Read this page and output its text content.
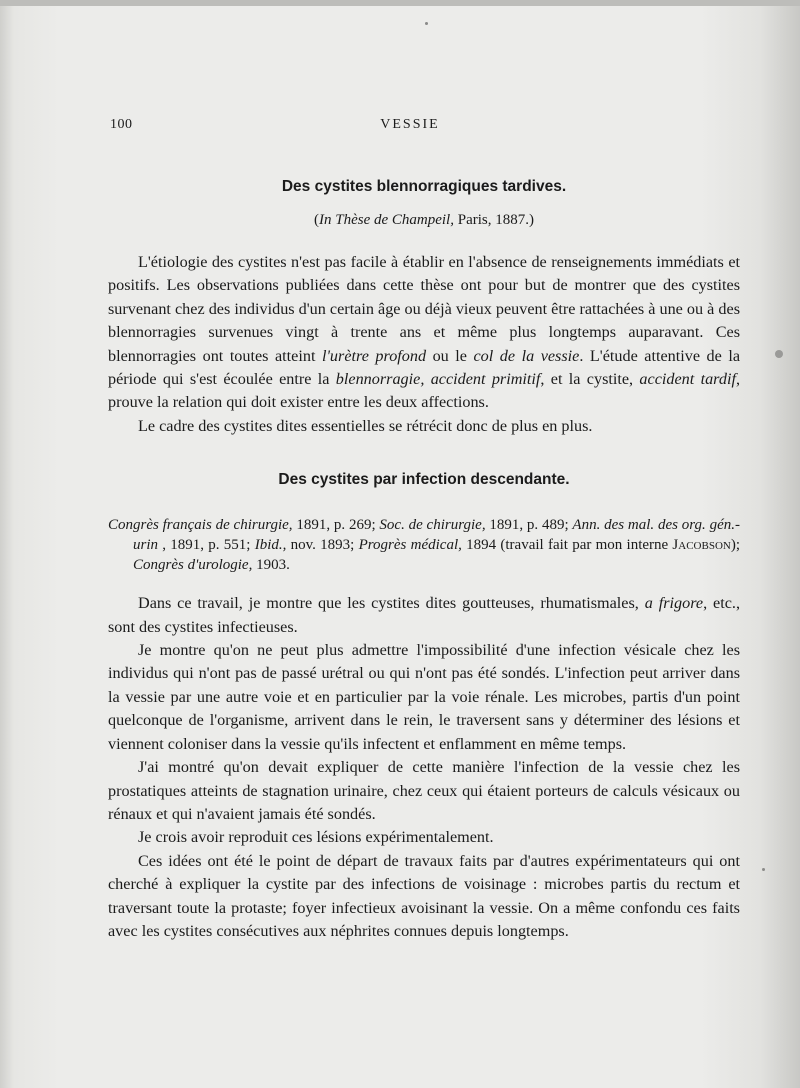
100	VESSIE
Des cystites blennorragiques tardives.

(In Thèse de Champeil, Paris, 1887.)

L'étiologie des cystites n'est pas facile à établir en l'absence de renseignements immédiats et positifs. Les observations publiées dans cette thèse ont pour but de montrer que des cystites survenant chez des individus d'un certain âge ou déjà vieux peuvent être rattachées à une ou à des blennorragies survenues vingt à trente ans et même plus longtemps auparavant. Ces blennorragies ont toutes atteint l'urètre profond ou le col de la vessie. L'étude attentive de la période qui s'est écoulée entre la blennorragie, accident primitif, et la cystite, accident tardif, prouve la relation qui doit exister entre les deux affections.

Le cadre des cystites dites essentielles se rétrécit donc de plus en plus.

Des cystites par infection descendante.

Congrès français de chirurgie, 1891, p. 269; Soc. de chirurgie, 1891, p. 489; Ann. des mal. des org. gén.-urin , 1891, p. 551; Ibid., nov. 1893; Progrès médical, 1894 (travail fait par mon interne Jacobson); Congrès d'urologie, 1903.

Dans ce travail, je montre que les cystites dites goutteuses, rhumatismales, a frigore, etc., sont des cystites infectieuses.

Je montre qu'on ne peut plus admettre l'impossibilité d'une infection vésicale chez les individus qui n'ont pas de passé urétral ou qui n'ont pas été sondés. L'infection peut arriver dans la vessie par une autre voie et en particulier par la voie rénale. Les microbes, partis d'un point quelconque de l'organisme, arrivent dans le rein, le traversent sans y déterminer des lésions et viennent coloniser dans la vessie qu'ils infectent et enflamment en même temps.

J'ai montré qu'on devait expliquer de cette manière l'infection de la vessie chez les prostatiques atteints de stagnation urinaire, chez ceux qui étaient porteurs de calculs vésicaux ou rénaux et qui n'avaient jamais été sondés.

Je crois avoir reproduit ces lésions expérimentalement.

Ces idées ont été le point de départ de travaux faits par d'autres expérimentateurs qui ont cherché à expliquer la cystite par des infections de voisinage : microbes partis du rectum et traversant toute la protaste; foyer infectieux avoisinant la vessie. On a même confondu ces faits avec les cystites consécutives aux néphrites connues depuis longtemps.
